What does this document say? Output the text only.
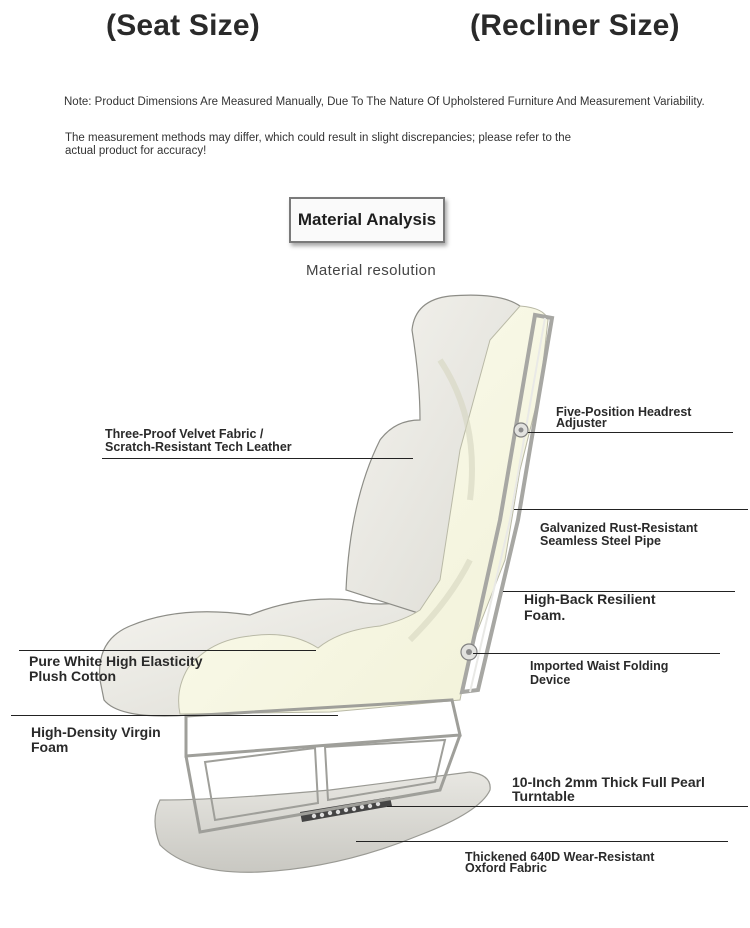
(Seat Size)	(Recliner Size)
Note: Product Dimensions Are Measured Manually, Due To The Nature Of Upholstered Furniture And Measurement Variability.
The measurement methods may differ, which could result in slight discrepancies; please refer to the
actual product for accuracy!
Material Analysis
Material resolution
Three-Proof Velvet Fabric /
Scratch-Resistant Tech Leather
Five-Position Headrest
Adjuster
Galvanized Rust-Resistant
Seamless Steel Pipe
High-Back Resilient
Foam.
Pure White High Elasticity
Plush Cotton
Imported Waist Folding
Device
High-Density Virgin
Foam
10-Inch 2mm Thick Full Pearl
Turntable
Thickened 640D Wear-Resistant
Oxford Fabric
